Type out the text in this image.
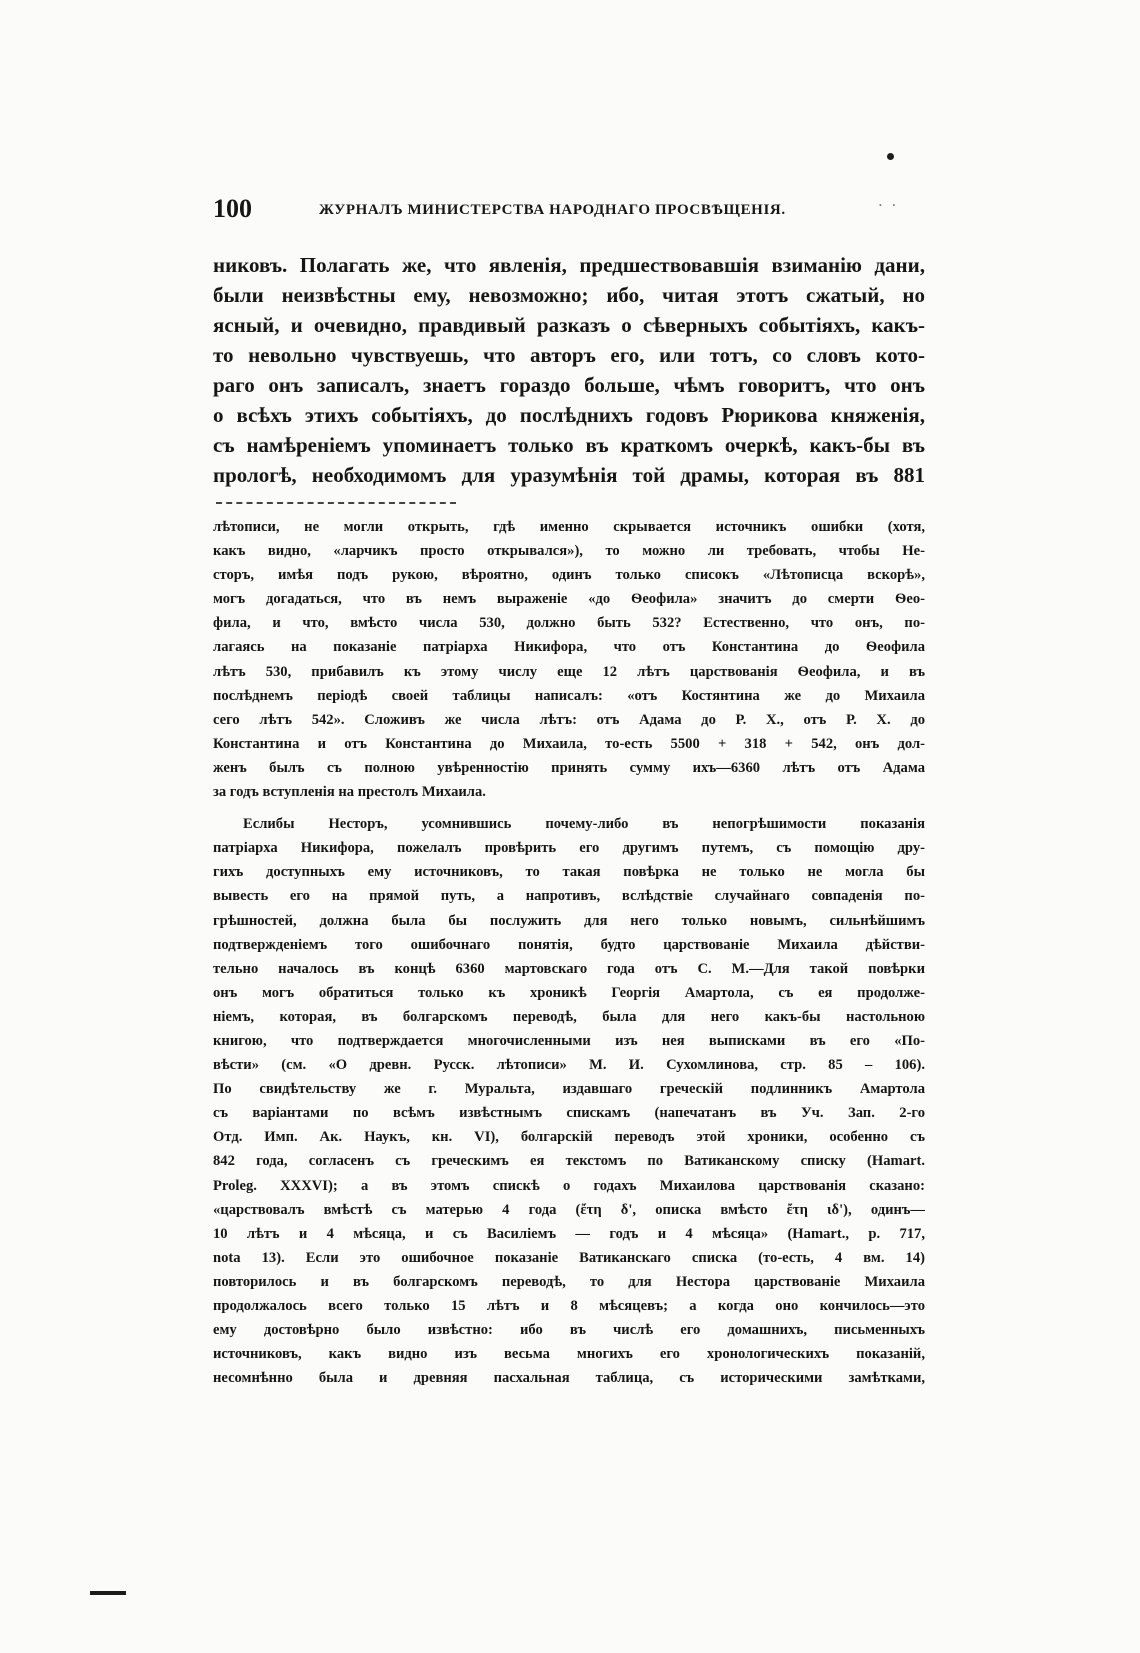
100	ЖУРНАЛЪ МИНИСТЕРСТВА НАРОДНАГО ПРОСВѢЩЕНІЯ.	· ·
никовъ. Полагать же, что явленія, предшествовавшія взиманію дани,
были неизвѣстны ему, невозможно; ибо, читая этотъ сжатый, но
ясный, и очевидно, правдивый разказъ о сѣверныхъ событіяхъ, какъ-
то невольно чувствуешь, что авторъ его, или тотъ, со словъ кото-
раго онъ записалъ, знаетъ гораздо больше, чѣмъ говоритъ, что онъ
о всѣхъ этихъ событіяхъ, до послѣднихъ годовъ Рюрикова княженія,
съ намѣреніемъ упоминаетъ только въ краткомъ очеркѣ, какъ-бы въ
прологѣ, необходимомъ для уразумѣнія той драмы, которая въ 881
лѣтописи, не могли открыть, гдѣ именно скрывается источникъ ошибки (хотя,
какъ видно, «ларчикъ просто открывался»), то можно ли требовать, чтобы Не-
сторъ, имѣя подъ рукою, вѣроятно, одинъ только списокъ «Лѣтописца вскорѣ»,
могъ догадаться, что въ немъ выраженіе «до Ѳеофила» значитъ до смерти Ѳео-
фила, и что, вмѣсто числа 530, должно быть 532? Естественно, что онъ, по-
лагаясь на показаніе патріарха Никифора, что отъ Константина до Ѳеофила
лѣтъ 530, прибавилъ къ этому числу еще 12 лѣтъ царствованія Ѳеофила, и въ
послѣднемъ періодѣ своей таблицы написалъ: «отъ Костянтина же до Михаила
сего лѣтъ 542». Сложивъ же числа лѣтъ: отъ Адама до Р. Х., отъ Р. Х. до
Константина и отъ Константина до Михаила, то-есть 5500 + 318 + 542, онъ дол-
женъ былъ съ полною увѣренностію принять сумму ихъ—6360 лѣтъ отъ Адама
за годъ вступленія на престолъ Михаила.
Еслибы Несторъ, усомнившись почему-либо въ непогрѣшимости показанія
патріарха Никифора, пожелалъ провѣрить его другимъ путемъ, съ помощію дру-
гихъ доступныхъ ему источниковъ, то такая повѣрка не только не могла бы
вывесть его на прямой путь, а напротивъ, вслѣдствіе случайнаго совпаденія по-
грѣшностей, должна была бы послужить для него только новымъ, сильнѣйшимъ
подтвержденіемъ того ошибочнаго понятія, будто царствованіе Михаила дѣйстви-
тельно началось въ концѣ 6360 мартовскаго года отъ С. М.—Для такой повѣрки
онъ могъ обратиться только къ хроникѣ Георгія Амартола, съ ея продолже-
ніемъ, которая, въ болгарскомъ переводѣ, была для него какъ-бы настольною
книгою, что подтверждается многочисленными изъ нея выписками въ его «По-
вѣсти» (см. «О древн. Русск. лѣтописи» М. И. Сухомлинова, стр. 85 – 106).
По свидѣтельству же г. Муральта, издавшаго греческій подлинникъ Амартола
съ варіантами по всѣмъ извѣстнымъ спискамъ (напечатанъ въ Уч. Зап. 2-го
Отд. Имп. Ак. Наукъ, кн. VI), болгарскій переводъ этой хроники, особенно съ
842 года, согласенъ съ греческимъ ея текстомъ по Ватиканскому списку (Hamart.
Proleg. XXXVI); а въ этомъ спискѣ о годахъ Михаилова царствованія сказано:
«царствовалъ вмѣстѣ съ матерью 4 года (ἔτη δ', описка вмѣсто ἔτη ιδ'), одинъ—
10 лѣтъ и 4 мѣсяца, и съ Василіемъ — годъ и 4 мѣсяца» (Hamart., p. 717,
nota 13). Если это ошибочное показаніе Ватиканскаго списка (то-есть, 4 вм. 14)
повторилось и въ болгарскомъ переводѣ, то для Нестора царствованіе Михаила
продолжалось всего только 15 лѣтъ и 8 мѣсяцевъ; а когда оно кончилось—это
ему достовѣрно было извѣстно: ибо въ числѣ его домашнихъ, письменныхъ
источниковъ, какъ видно изъ весьма многихъ его хронологическихъ показаній,
несомнѣнно была и древняя пасхальная таблица, съ историческими замѣтками,
